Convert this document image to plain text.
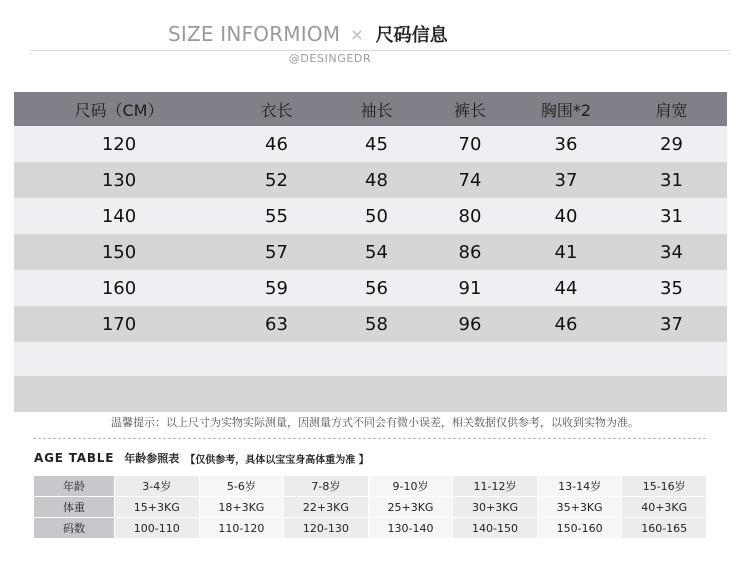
SIZE INFORMIOM × 尺码信息
@DESINGEDR
尺码（CM）	衣长	袖长	裤长	胸围*2	肩宽
120	46	45	70	36	29
130	52	48	74	37	31
140	55	50	80	40	31
150	57	54	86	41	34
160	59	56	91	44	35
170	63	58	96	46	37
温馨提示：以上尺寸为实物实际测量，因测量方式不同会有微小误差，相关数据仅供参考，以收到实物为准。
AGE TABLE 年龄参照表 【仅供参考，具体以宝宝身高体重为准 】
年龄	3-4岁	5-6岁	7-8岁	9-10岁	11-12岁	13-14岁	15-16岁
体重	15+3KG	18+3KG	22+3KG	25+3KG	30+3KG	35+3KG	40+3KG
码数	100-110	110-120	120-130	130-140	140-150	150-160	160-165
